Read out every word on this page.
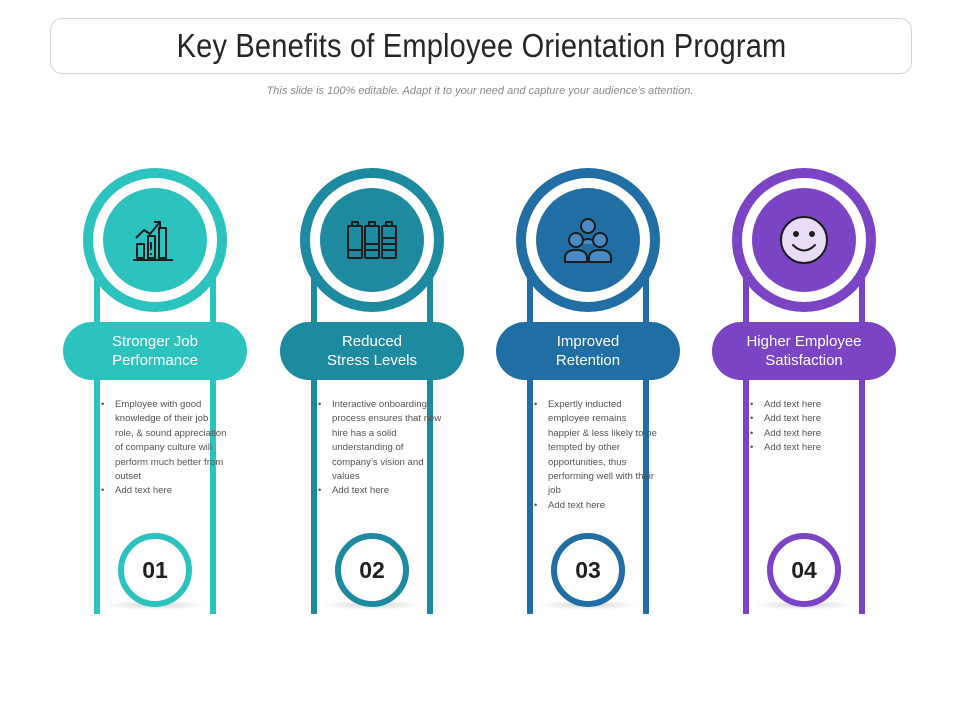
Key Benefits of Employee Orientation Program
This slide is 100% editable. Adapt it to your need and capture your audience’s attention.
Stronger Job
Performance
• Employee with good knowledge of their job role, & sound appreciation of company culture will perform much better from outset
• Add text here
01
Reduced
Stress Levels
• Interactive onboarding process ensures that new hire has a solid understanding of company’s vision and values
• Add text here
02
Improved
Retention
• Expertly inducted employee remains happier & less likely to be tempted by other opportunities, thus performing well with their job
• Add text here
03
Higher Employee
Satisfaction
• Add text here
• Add text here
• Add text here
• Add text here
04
